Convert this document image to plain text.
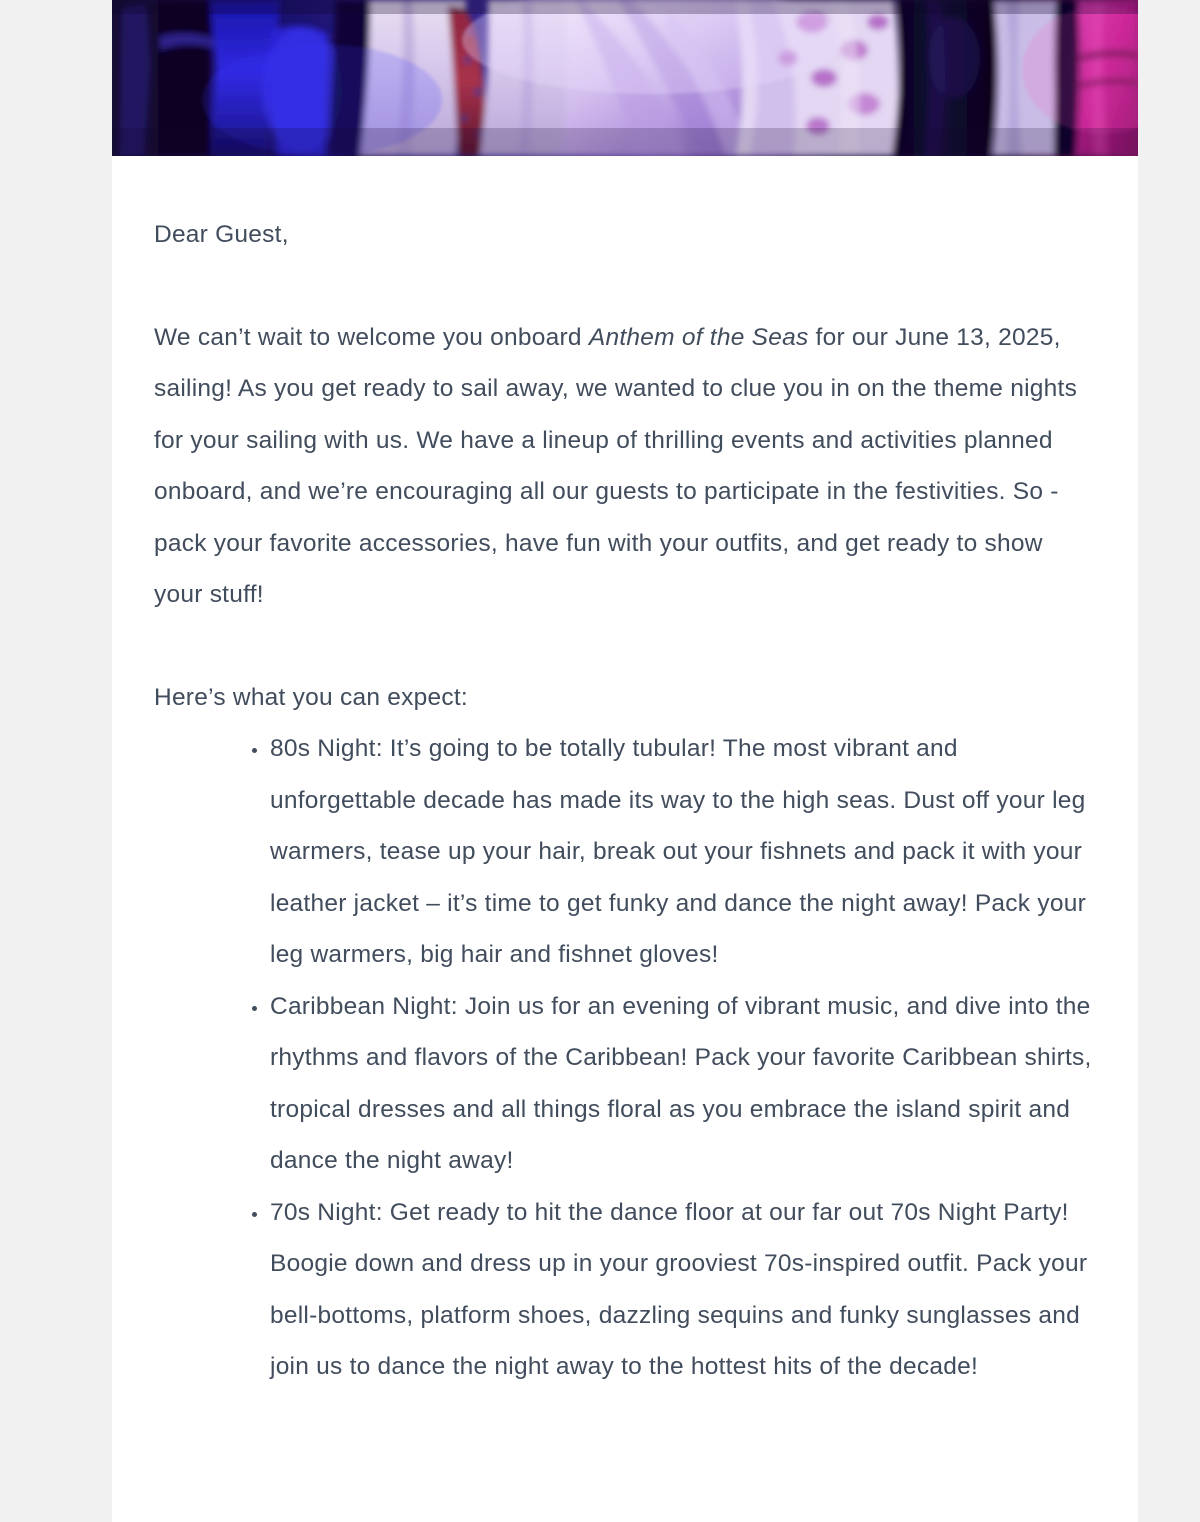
Dear Guest,

We can’t wait to welcome you onboard Anthem of the Seas for our June 13, 2025, sailing! As you get ready to sail away, we wanted to clue you in on the theme nights for your sailing with us. We have a lineup of thrilling events and activities planned onboard, and we’re encouraging all our guests to participate in the festivities. So - pack your favorite accessories, have fun with your outfits, and get ready to show your stuff!

Here’s what you can expect:

80s Night: It’s going to be totally tubular! The most vibrant and unforgettable decade has made its way to the high seas. Dust off your leg warmers, tease up your hair, break out your fishnets and pack it with your leather jacket – it’s time to get funky and dance the night away! Pack your leg warmers, big hair and fishnet gloves!
Caribbean Night: Join us for an evening of vibrant music, and dive into the rhythms and flavors of the Caribbean! Pack your favorite Caribbean shirts, tropical dresses and all things floral as you embrace the island spirit and dance the night away!
70s Night: Get ready to hit the dance floor at our far out 70s Night Party! Boogie down and dress up in your grooviest 70s-inspired outfit. Pack your bell-bottoms, platform shoes, dazzling sequins and funky sunglasses and join us to dance the night away to the hottest hits of the decade!
